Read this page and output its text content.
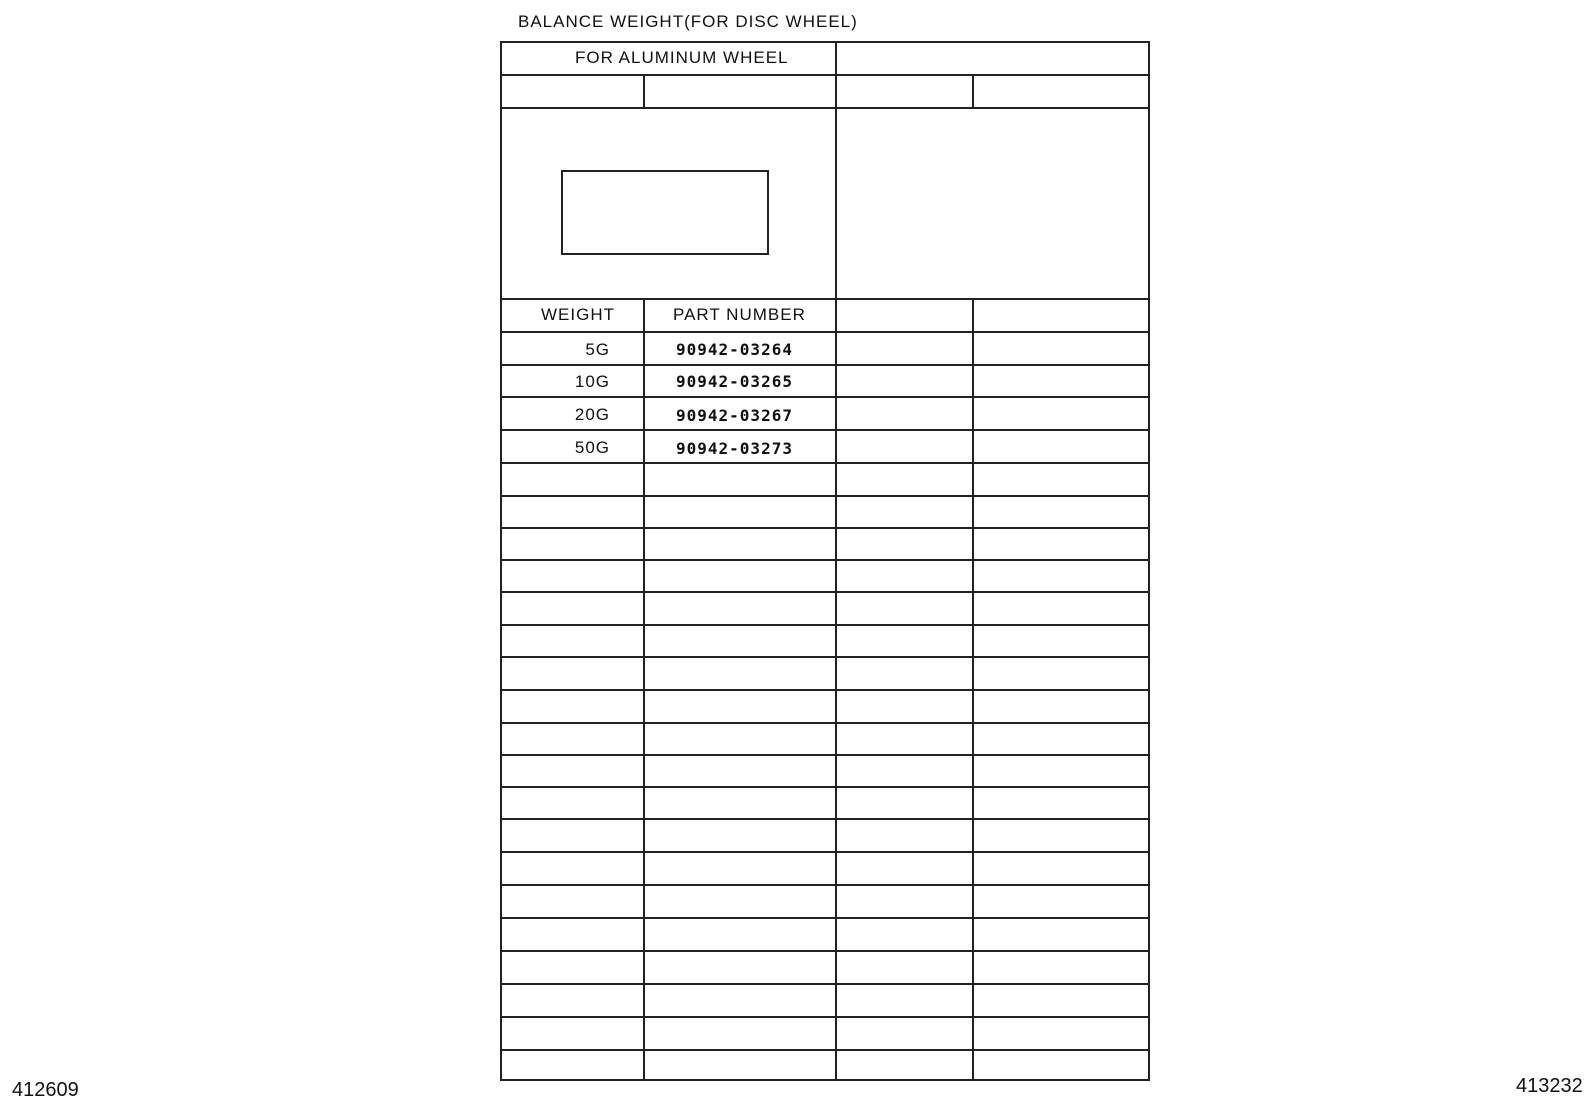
BALANCE WEIGHT(FOR DISC WHEEL)
FOR ALUMINUM WHEEL
WEIGHT	PART NUMBER
5G	90942-03264
10G	90942-03265
20G	90942-03267
50G	90942-03273
412609	413232
